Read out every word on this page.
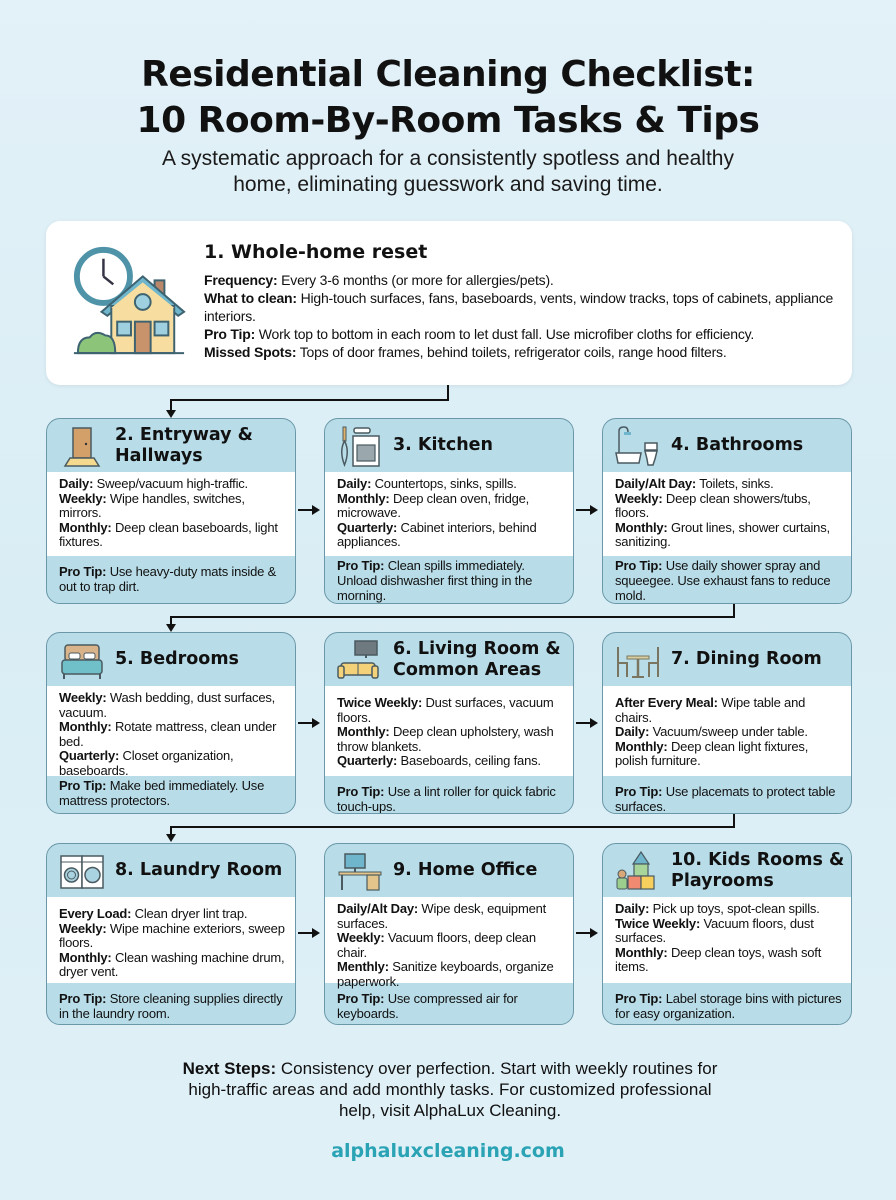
Residential Cleaning Checklist:
10 Room-By-Room Tasks & Tips
A systematic approach for a consistently spotless and healthy
home, eliminating guesswork and saving time.
1. Whole-home reset
Frequency: Every 3-6 months (or more for allergies/pets).
What to clean: High-touch surfaces, fans, baseboards, vents, window tracks, tops of cabinets, appliance interiors.
Pro Tip: Work top to bottom in each room to let dust fall. Use microfiber cloths for efficiency.
Missed Spots: Tops of door frames, behind toilets, refrigerator coils, range hood filters.
2. Entryway & Hallways
Daily: Sweep/vacuum high-traffic.
Weekly: Wipe handles, switches, mirrors.
Monthly: Deep clean baseboards, light fixtures.
Pro Tip: Use heavy-duty mats inside & out to trap dirt.
3. Kitchen
Daily: Countertops, sinks, spills.
Monthly: Deep clean oven, fridge, microwave.
Quarterly: Cabinet interiors, behind appliances.
Pro Tip: Clean spills immediately. Unload dishwasher first thing in the morning.
4. Bathrooms
Daily/Alt Day: Toilets, sinks.
Weekly: Deep clean showers/tubs, floors.
Monthly: Grout lines, shower curtains, sanitizing.
Pro Tip: Use daily shower spray and squeegee. Use exhaust fans to reduce mold.
5. Bedrooms
Weekly: Wash bedding, dust surfaces, vacuum.
Monthly: Rotate mattress, clean under bed.
Quarterly: Closet organization, baseboards.
Pro Tip: Make bed immediately. Use mattress protectors.
6. Living Room & Common Areas
Twice Weekly: Dust surfaces, vacuum floors.
Monthly: Deep clean upholstery, wash throw blankets.
Quarterly: Baseboards, ceiling fans.
Pro Tip: Use a lint roller for quick fabric touch-ups.
7. Dining Room
After Every Meal: Wipe table and chairs.
Daily: Vacuum/sweep under table.
Monthly: Deep clean light fixtures, polish furniture.
Pro Tip: Use placemats to protect table surfaces.
8. Laundry Room
Every Load: Clean dryer lint trap.
Weekly: Wipe machine exteriors, sweep floors.
Monthly: Clean washing machine drum, dryer vent.
Pro Tip: Store cleaning supplies directly in the laundry room.
9. Home Office
Daily/Alt Day: Wipe desk, equipment surfaces.
Weekly: Vacuum floors, deep clean chair.
Menthly: Sanitize keyboards, organize paperwork.
Pro Tip: Use compressed air for keyboards.
10. Kids Rooms & Playrooms
Daily: Pick up toys, spot-clean spills.
Twice Weekly: Vacuum floors, dust surfaces.
Monthly: Deep clean toys, wash soft items.
Pro Tip: Label storage bins with pictures for easy organization.
Next Steps: Consistency over perfection. Start with weekly routines for high-traffic areas and add monthly tasks. For customized professional help, visit AlphaLux Cleaning.
alphaluxcleaning.com
